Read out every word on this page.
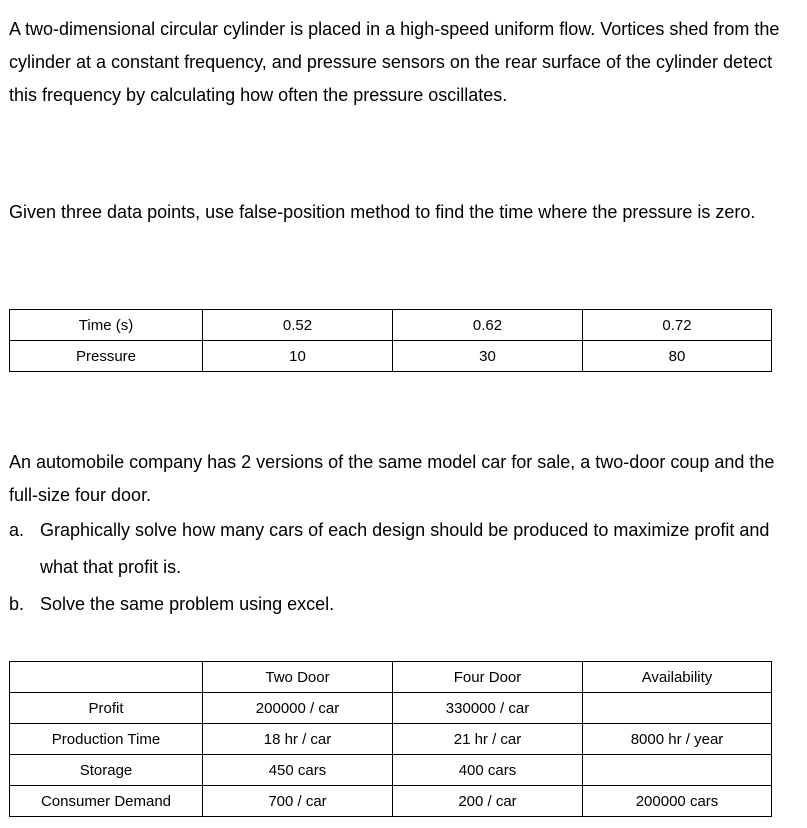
A two-dimensional circular cylinder is placed in a high-speed uniform flow. Vortices shed from the cylinder at a constant frequency, and pressure sensors on the rear surface of the cylinder detect this frequency by calculating how often the pressure oscillates.

Given three data points, use false-position method to find the time where the pressure is zero.

Time (s)	0.52	0.62	0.72
Pressure	10	30	80

An automobile company has 2 versions of the same model car for sale, a two-door coup and the full-size four door.

a. Graphically solve how many cars of each design should be produced to maximize profit and what that profit is.
b. Solve the same problem using excel.
	Two Door	Four Door	Availability
Profit	200000 / car	330000 / car	
Production Time	18 hr / car	21 hr / car	8000 hr / year
Storage	450 cars	400 cars	
Consumer Demand	700 / car	200 / car	200000 cars
